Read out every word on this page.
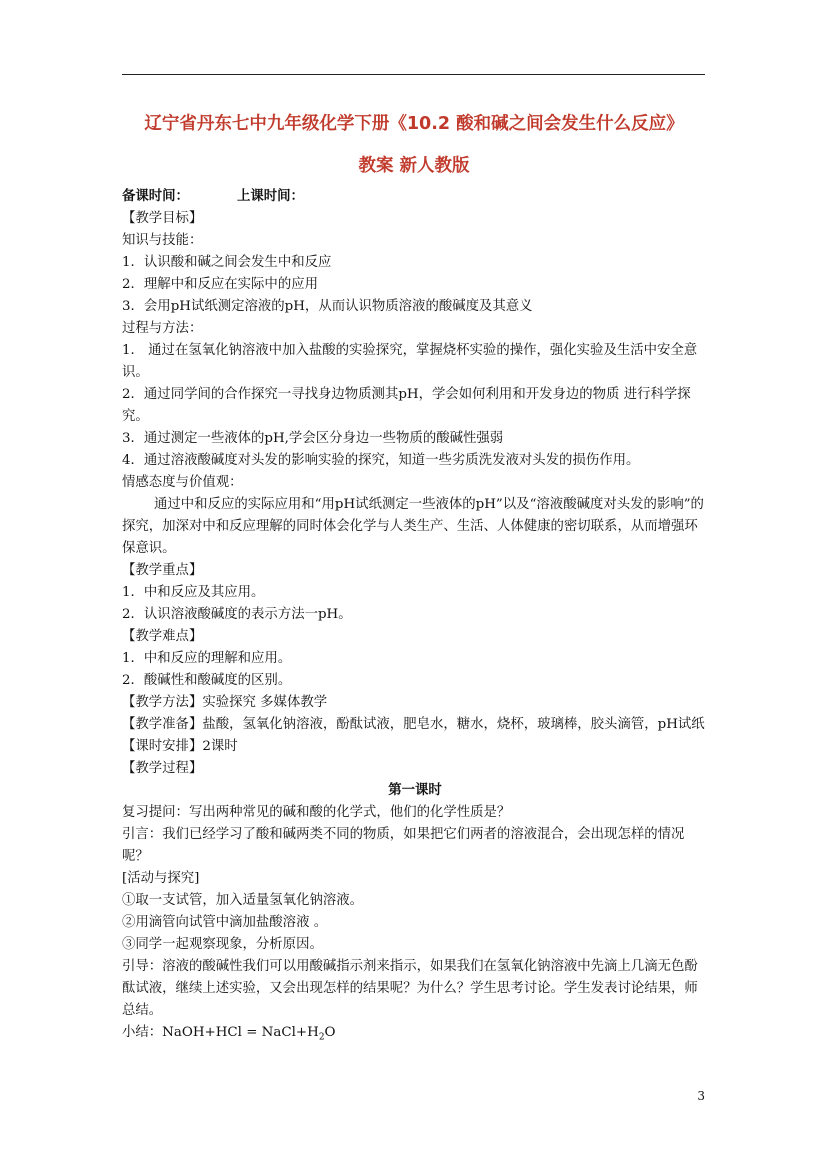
辽宁省丹东七中九年级化学下册《10.2 酸和碱之间会发生什么反应》
教案 新人教版

备课时间：	上课时间：

【教学目标】

知识与技能：

1．认识酸和碱之间会发生中和反应

2．理解中和反应在实际中的应用

3．会用pH试纸测定溶液的pH，从而认识物质溶液的酸碱度及其意义

过程与方法：

1． 通过在氢氧化钠溶液中加入盐酸的实验探究，掌握烧杯实验的操作，强化实验及生活中安全意识。

2．通过同学间的合作探究一寻找身边物质测其pH，学会如何利用和开发身边的物质 进行科学探究。

3．通过测定一些液体的pH,学会区分身边一些物质的酸碱性强弱

4．通过溶液酸碱度对头发的影响实验的探究，知道一些劣质洗发液对头发的损伤作用。

情感态度与价值观：

通过中和反应的实际应用和“用pH试纸测定一些液体的pH”以及“溶液酸碱度对头发的影响”的探究，加深对中和反应理解的同时体会化学与人类生产、生活、人体健康的密切联系，从而增强环保意识。

【教学重点】

1．中和反应及其应用。

2．认识溶液酸碱度的表示方法一pH。

【教学难点】

1．中和反应的理解和应用。

2．酸碱性和酸碱度的区别。

【教学方法】实验探究 多媒体教学

【教学准备】盐酸，氢氧化钠溶液，酚酞试液，肥皂水，糖水，烧杯，玻璃棒，胶头滴管，pH试纸

【课时安排】2课时

【教学过程】

第一课时

复习提问：写出两种常见的碱和酸的化学式，他们的化学性质是？

引言：我们已经学习了酸和碱两类不同的物质，如果把它们两者的溶液混合，会出现怎样的情况呢？

[活动与探究]

①取一支试管，加入适量氢氧化钠溶液。

②用滴管向试管中滴加盐酸溶液 。

③同学一起观察现象，分析原因。

引导：溶液的酸碱性我们可以用酸碱指示剂来指示，如果我们在氢氧化钠溶液中先滴上几滴无色酚酞试液，继续上述实验，又会出现怎样的结果呢？为什么？学生思考讨论。学生发表讨论结果，师总结。

小结：NaOH+HCl = $NaCl+H_2O$

3
